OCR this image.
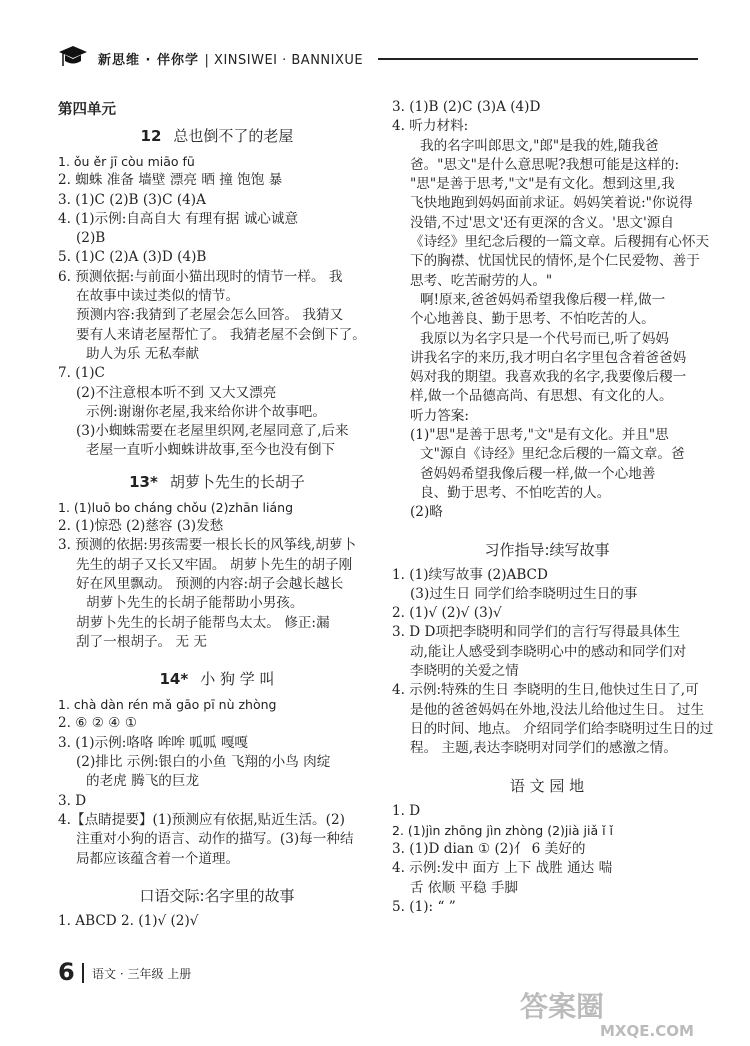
新思维 · 伴你学 | XINSIWEI · BANNIXUE
第四单元
12 总也倒不了的老屋
1. ǒu ěr jī còu miāo fū
2. 蜘蛛 准备 墙壁 漂亮 晒 撞 饱饱 暴
3. (1)C (2)B (3)C (4)A
4. (1)示例:自高自大 有理有据 诚心诚意
(2)B
5. (1)C (2)A (3)D (4)B
6. 预测依据:与前面小猫出现时的情节一样。 我
在故事中读过类似的情节。
预测内容:我猜到了老屋会怎么回答。 我猜又
要有人来请老屋帮忙了。 我猜老屋不会倒下了。
助人为乐 无私奉献
7. (1)C
(2)不注意根本听不到 又大又漂亮
示例:谢谢你老屋,我来给你讲个故事吧。
(3)小蜘蛛需要在老屋里织网,老屋同意了,后来
老屋一直听小蜘蛛讲故事,至今也没有倒下
13* 胡萝卜先生的长胡子
1. (1)luō bo cháng chǒu (2)zhān liáng
2. (1)惊恐 (2)慈容 (3)发愁
3. 预测的依据:男孩需要一根长长的风筝线,胡萝卜
先生的胡子又长又牢固。 胡萝卜先生的胡子刚
好在风里飘动。 预测的内容:胡子会越长越长
胡萝卜先生的长胡子能帮助小男孩。
胡萝卜先生的长胡子能帮鸟太太。 修正:漏
刮了一根胡子。 无 无
14* 小 狗 学 叫
1. chà dàn rén mǎ gāo pī nù zhòng
2. ⑥ ② ④ ①
3. (1)示例:咯咯 哞哞 呱呱 嘎嘎
(2)排比 示例:银白的小鱼 飞翔的小鸟 肉绽
的老虎 腾飞的巨龙
3. D
4.【点睛提要】(1)预测应有依据,贴近生活。(2)
注重对小狗的语言、动作的描写。(3)每一种结
局都应该蕴含着一个道理。
口语交际:名字里的故事
1. ABCD 2. (1)√ (2)√
3. (1)B (2)C (3)A (4)D
4. 听力材料:
我的名字叫郎思文,"郎"是我的姓,随我爸
爸。"思文"是什么意思呢?我想可能是这样的:
"思"是善于思考,"文"是有文化。想到这里,我
飞快地跑到妈妈面前求证。妈妈笑着说:"你说得
没错,不过'思文'还有更深的含义。'思文'源自
《诗经》里纪念后稷的一篇文章。后稷拥有心怀天
下的胸襟、忧国忧民的情怀,是个仁民爱物、善于
思考、吃苦耐劳的人。"
啊!原来,爸爸妈妈希望我像后稷一样,做一
个心地善良、勤于思考、不怕吃苦的人。
我原以为名字只是一个代号而已,听了妈妈
讲我名字的来历,我才明白名字里包含着爸爸妈
妈对我的期望。我喜欢我的名字,我要像后稷一
样,做一个品德高尚、有思想、有文化的人。
听力答案:
(1)"思"是善于思考,"文"是有文化。并且"思
文"源自《诗经》里纪念后稷的一篇文章。爸
爸妈妈希望我像后稷一样,做一个心地善
良、勤于思考、不怕吃苦的人。
(2)略
习作指导:续写故事
1. (1)续写故事 (2)ABCD
(3)过生日 同学们给李晓明过生日的事
2. (1)√ (2)√ (3)√
3. D D项把李晓明和同学们的言行写得最具体生
动,能让人感受到李晓明心中的感动和同学们对
李晓明的关爱之情
4. 示例:特殊的生日 李晓明的生日,他快过生日了,可
是他的爸爸妈妈在外地,没法儿给他过生日。 过生
日的时间、地点。 介绍同学们给李晓明过生日的过
程。 主题,表达李晓明对同学们的感激之情。
语 文 园 地
1. D
2. (1)jìn zhōng jìn zhòng (2)jià jiǎ ǐ ǐ
3. (1)D dian ① (2)亻 6 美好的
4. 示例:发中 面方 上下 战胜 通达 喘
舌 依顺 平稳 手脚
5. (1): “ ”
6 语文 · 三年级 上册
答案圈
MXQE.COM
